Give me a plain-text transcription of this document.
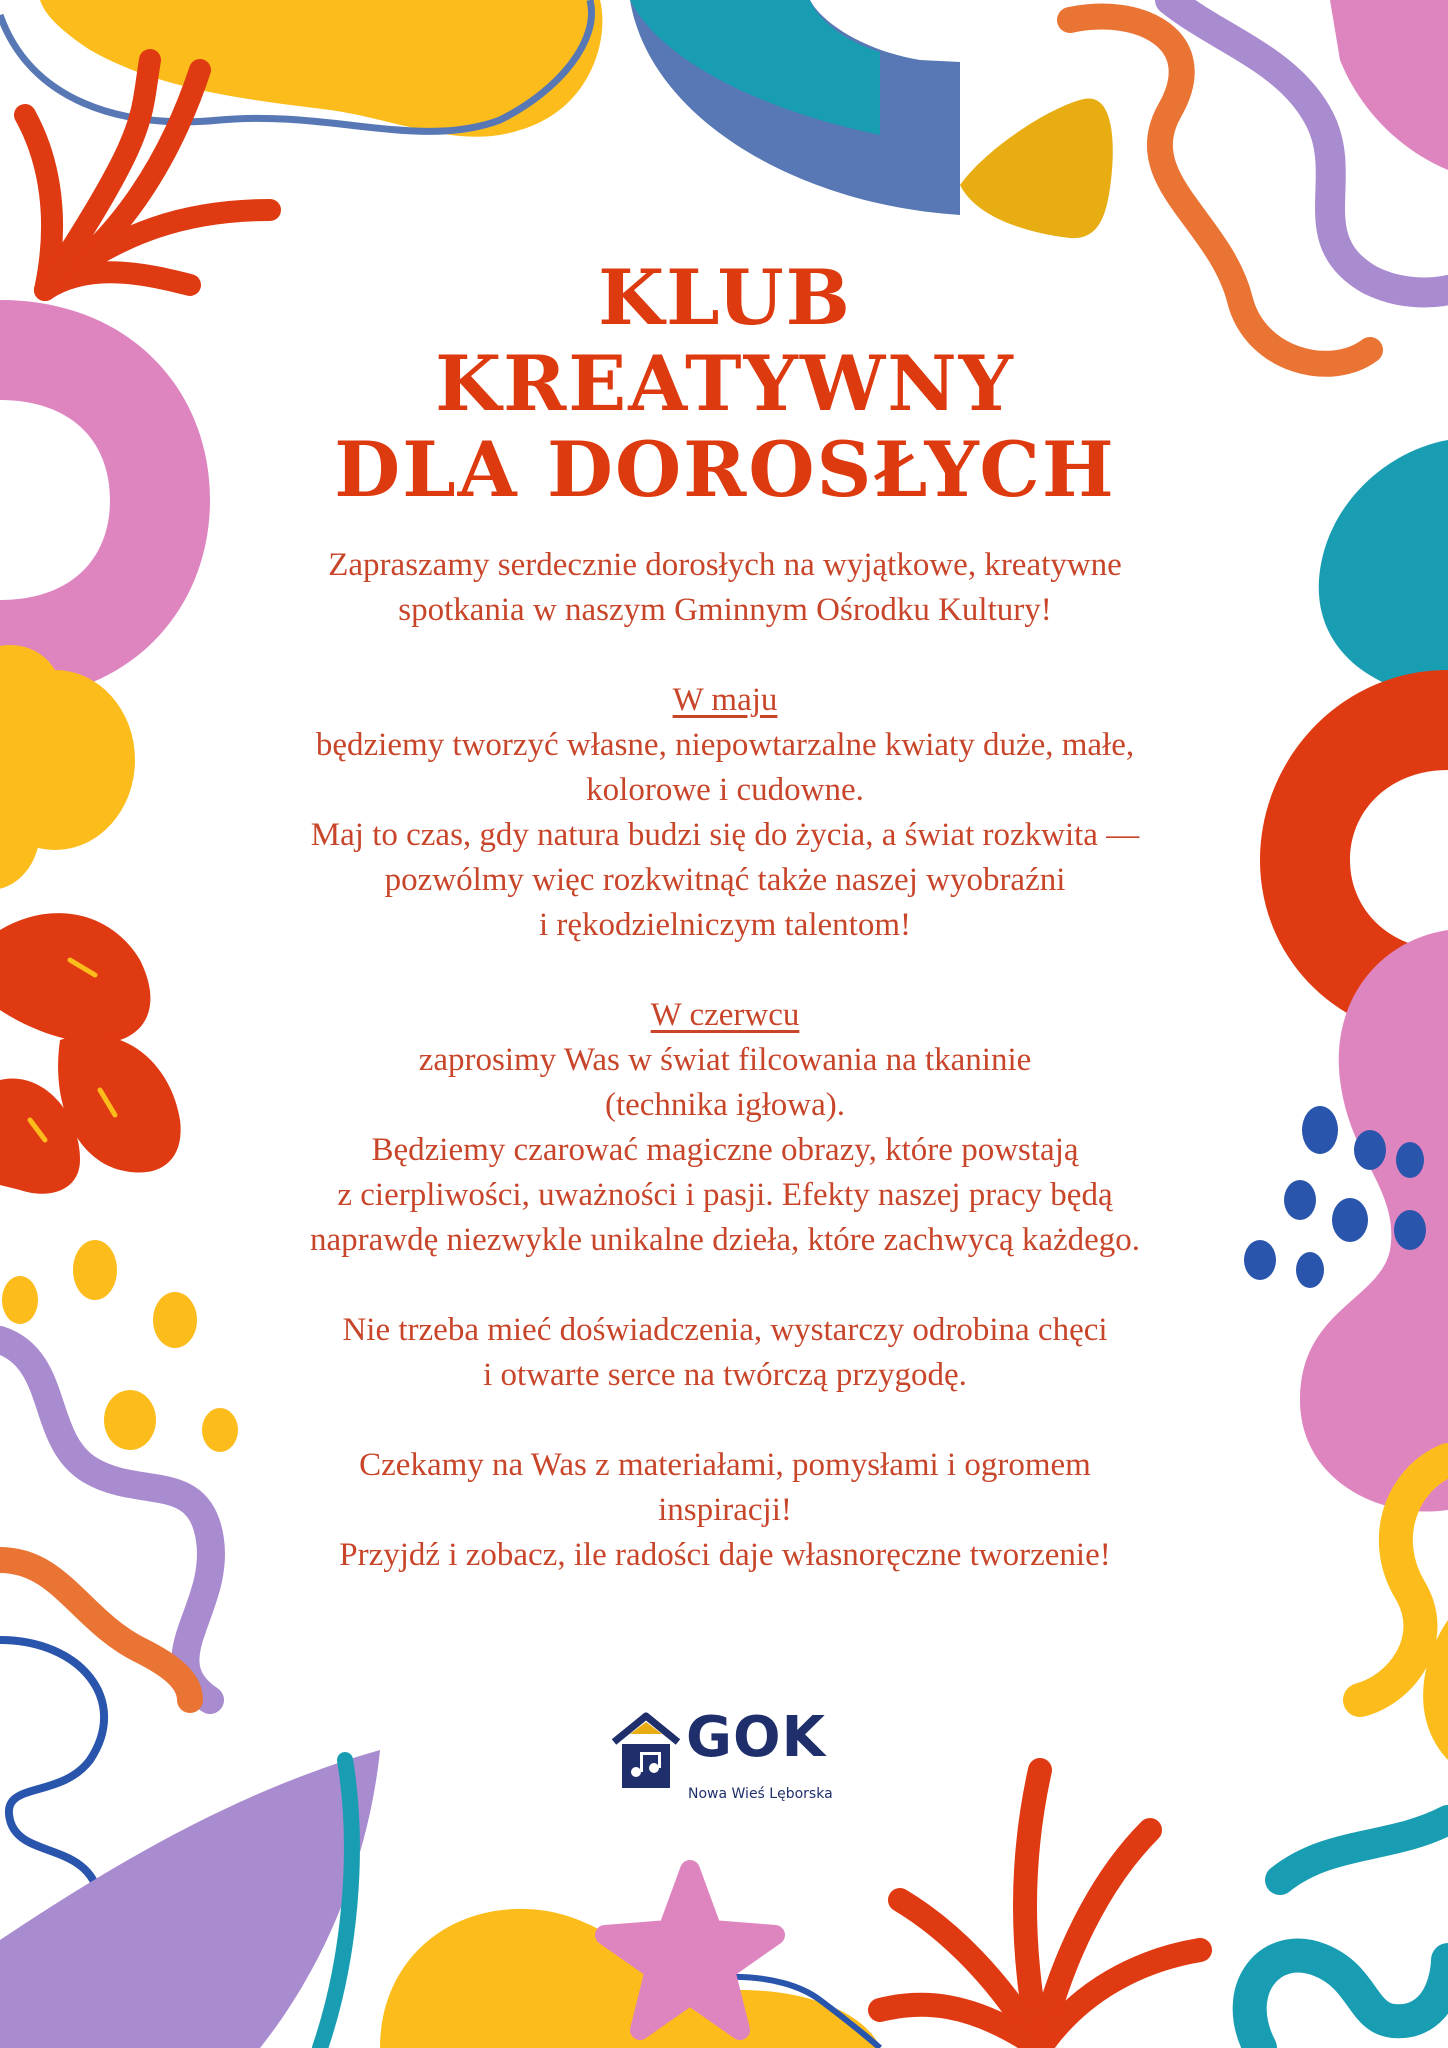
KLUB
KREATYWNY
DLA DOROSŁYCH

Zapraszamy serdecznie dorosłych na wyjątkowe, kreatywne

spotkania w naszym Gminnym Ośrodku Kultury!

W maju

będziemy tworzyć własne, niepowtarzalne kwiaty duże, małe,

kolorowe i cudowne.

Maj to czas, gdy natura budzi się do życia, a świat rozkwita —

pozwólmy więc rozkwitnąć także naszej wyobraźni

i rękodzielniczym talentom!

W czerwcu

zaprosimy Was w świat filcowania na tkaninie

(technika igłowa).

Będziemy czarować magiczne obrazy, które powstają

z cierpliwości, uważności i pasji. Efekty naszej pracy będą

naprawdę niezwykle unikalne dzieła, które zachwycą każdego.

Nie trzeba mieć doświadczenia, wystarczy odrobina chęci

i otwarte serce na twórczą przygodę.

Czekamy na Was z materiałami, pomysłami i ogromem

inspiracji!

Przyjdź i zobacz, ile radości daje własnoręczne tworzenie!

GOK
Nowa Wieś Lęborska
